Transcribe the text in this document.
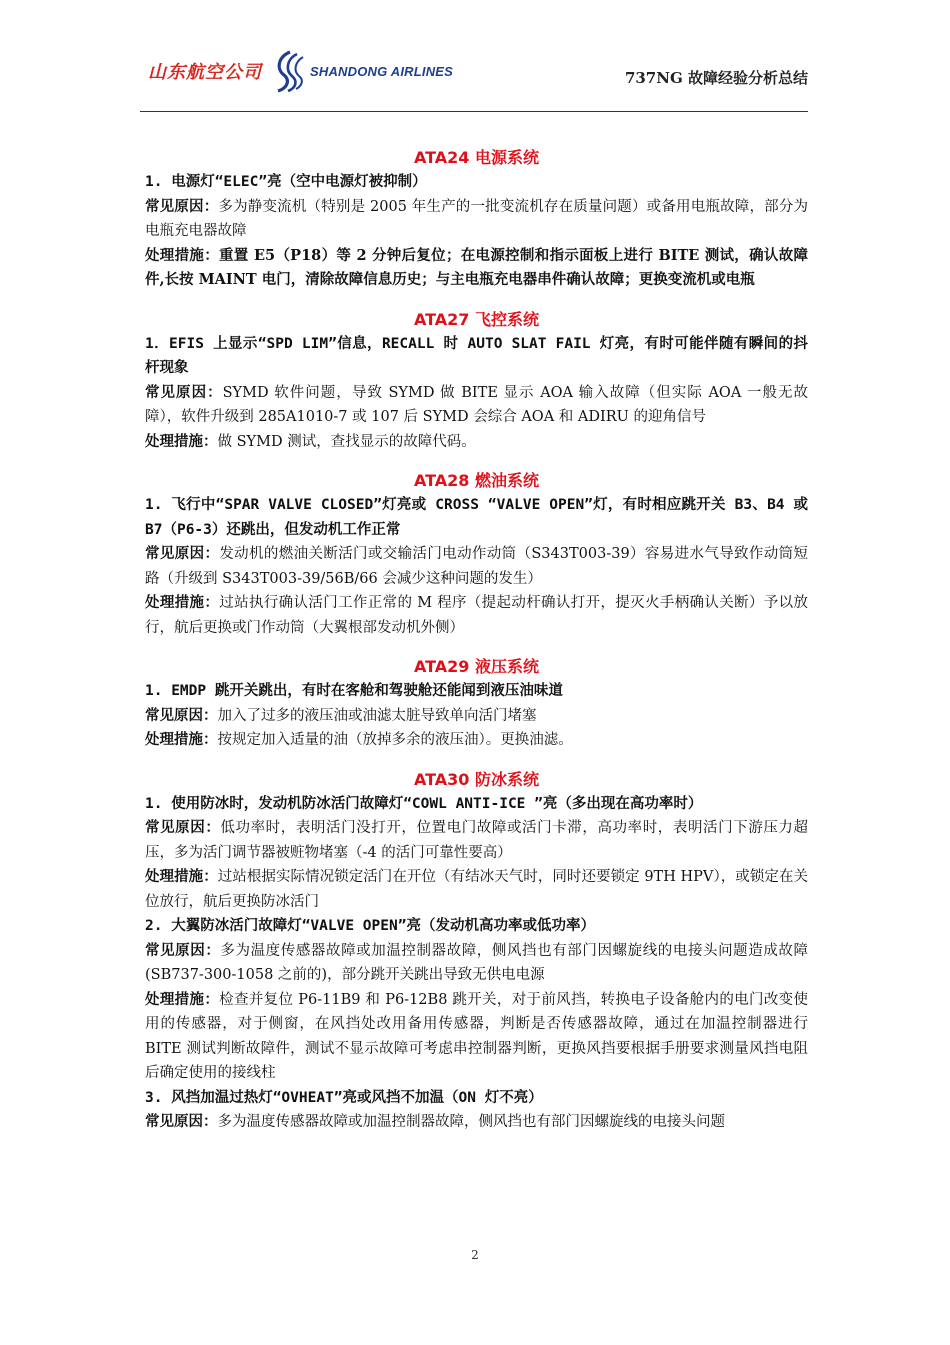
山东航空公司	SHANDONG AIRLINES	737NG 故障经验分析总结
ATA24 电源系统
1. 电源灯“ELEC”亮（空中电源灯被抑制）
常见原因：多为静变流机（特别是 2005 年生产的一批变流机存在质量问题）或备用电瓶故障，部分为电瓶充电器故障
处理措施：重置 E5（P18）等 2 分钟后复位；在电源控制和指示面板上进行 BITE 测试，确认故障件,长按 MAINT 电门，清除故障信息历史；与主电瓶充电器串件确认故障；更换变流机或电瓶
ATA27 飞控系统
1．EFIS 上显示“SPD LIM”信息，RECALL 时 AUTO SLAT FAIL 灯亮，有时可能伴随有瞬间的抖杆现象
常见原因：SYMD 软件问题，导致 SYMD 做 BITE 显示 AOA 输入故障（但实际 AOA 一般无故障），软件升级到 285A1010-7 或 107 后 SYMD 会综合 AOA 和 ADIRU 的迎角信号
处理措施：做 SYMD 测试，查找显示的故障代码。
ATA28 燃油系统
1. 飞行中“SPAR VALVE CLOSED”灯亮或 CROSS “VALVE OPEN”灯，有时相应跳开关 B3、B4 或 B7（P6-3）还跳出，但发动机工作正常
常见原因：发动机的燃油关断活门或交输活门电动作动筒（S343T003-39）容易进水气导致作动筒短路（升级到 S343T003-39/56B/66 会减少这种问题的发生）
处理措施：过站执行确认活门工作正常的 M 程序（提起动杆确认打开，提灭火手柄确认关断）予以放行，航后更换或门作动筒（大翼根部发动机外侧）
ATA29 液压系统
1. EMDP 跳开关跳出，有时在客舱和驾驶舱还能闻到液压油味道
常见原因：加入了过多的液压油或油滤太脏导致单向活门堵塞
处理措施：按规定加入适量的油（放掉多余的液压油）。更换油滤。
ATA30 防冰系统
1. 使用防冰时，发动机防冰活门故障灯“COWL ANTI-ICE ”亮（多出现在高功率时）
常见原因：低功率时，表明活门没打开，位置电门故障或活门卡滞，高功率时，表明活门下游压力超压，多为活门调节器被赃物堵塞（-4 的活门可靠性要高）
处理措施：过站根据实际情况锁定活门在开位（有结冰天气时，同时还要锁定 9TH HPV），或锁定在关位放行，航后更换防冰活门
2. 大翼防冰活门故障灯“VALVE OPEN”亮（发动机高功率或低功率）
常见原因：多为温度传感器故障或加温控制器故障，侧风挡也有部门因螺旋线的电接头问题造成故障(SB737-300-1058 之前的)，部分跳开关跳出导致无供电电源
处理措施：检查并复位 P6-11B9 和 P6-12B8 跳开关，对于前风挡，转换电子设备舱内的电门改变使用的传感器，对于侧窗，在风挡处改用备用传感器，判断是否传感器故障，通过在加温控制器进行 BITE 测试判断故障件，测试不显示故障可考虑串控制器判断，更换风挡要根据手册要求测量风挡电阻后确定使用的接线柱
3. 风挡加温过热灯“OVHEAT”亮或风挡不加温（ON 灯不亮）
常见原因：多为温度传感器故障或加温控制器故障，侧风挡也有部门因螺旋线的电接头问题
2
